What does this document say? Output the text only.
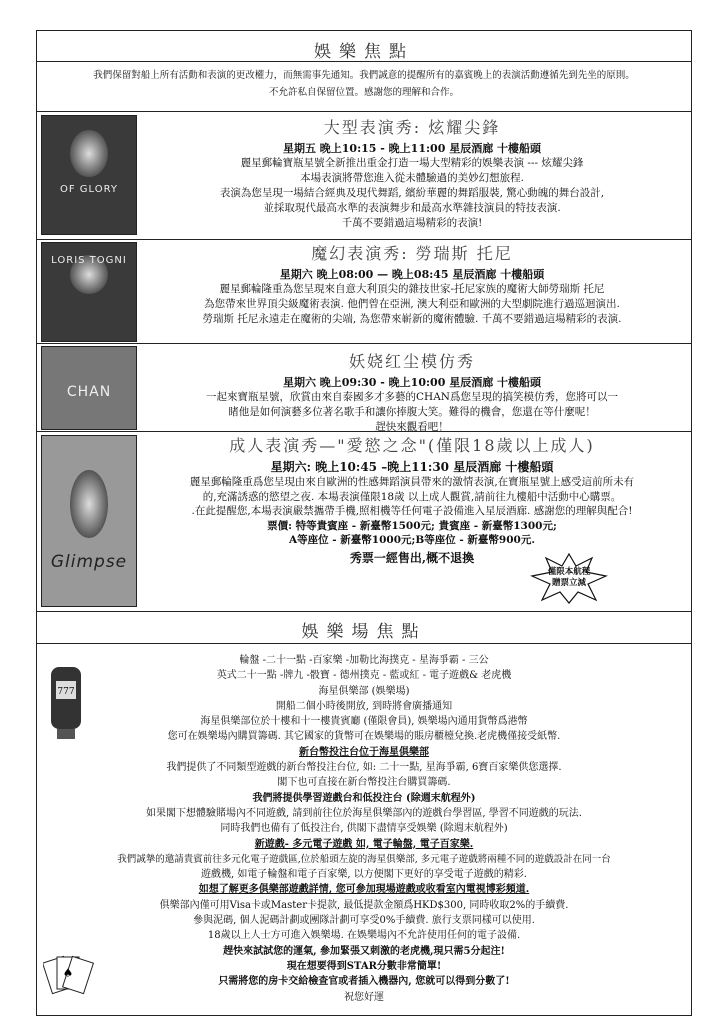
娛樂焦點
我們保留對船上所有活動和表演的更改權力，而無需事先通知。我們誠意的提醒所有的嘉賓晚上的表演活動遵循先到先坐的原則。
不允許私自保留位置。感謝您的理解和合作。
OF GLORY
大型表演秀: 炫耀尖鋒
星期五 晚上10:15 - 晚上11:00 星辰酒廊 十樓船頭
麗星郵輪寶瓶星號全新推出重金打造一場大型精彩的娛樂表演 --- 炫耀尖鋒
本場表演將帶您進入從未體驗過的美妙幻想旅程.
表演為您呈現一場結合經典及現代舞蹈, 繽紛華麗的舞蹈服裝, 驚心動魄的舞台設計,
並採取現代最高水準的表演舞步和最高水準雜技演員的特技表演.
千萬不要錯過這場精彩的表演!
LORIS TOGNI	魔幻表演秀: 勞瑞斯 托尼
星期六 晚上08:00 — 晚上08:45 星辰酒廊 十樓船頭
麗星郵輪隆重為您呈現來自意大利頂尖的雜技世家-托尼家族的魔術大師勞瑞斯 托尼
為您帶來世界頂尖級魔術表演. 他們曾在亞洲, 澳大利亞和歐洲的大型劇院進行過巡迴演出.
勞瑞斯 托尼永遠走在魔術的尖端, 為您帶來嶄新的魔術體驗. 千萬不要錯過這場精彩的表演.
CHAN
妖娆红尘模仿秀
星期六 晚上09:30 - 晚上10:00 星辰酒廊 十樓船頭
一起來寶瓶星號，欣賞由來自泰國多才多藝的CHAN爲您呈現的搞笑模仿秀，您將可以一
睹他是如何演藝多位著名歌手和讓你捧腹大笑。難得的機會，您還在等什麼呢！
趕快來觀看吧！
Glimpse
成人表演秀—"愛慾之念"(僅限18歲以上成人)
星期六: 晚上10:45 –晚上11:30 星辰酒廊 十樓船頭
麗星郵輪隆重爲您呈現由來自歐洲的性感舞蹈演員帶來的激情表演,在寶瓶星號上感受這前所未有
的,充滿誘惑的慾望之夜. 本場表演僅限18歲 以上成人觀賞,請前往九樓船中活動中心購票。
.在此提醒您,本場表演嚴禁攜帶手機,照相機等任何電子設備進入星辰酒廊. 感謝您的理解與配合!
票價: 特等貴賓座 - 新臺幣1500元; 貴賓座 - 新臺幣1300元;
A等座位 - 新臺幣1000元;B等座位 - 新臺幣900元.
秀票一經售出,概不退換
娛樂場焦點
777
♠
輪盤 -二十一點 -百家樂 -加勒比海撲克 - 星海爭霸 - 三公
英式二十一點 -牌九 -骰寶 - 德州撲克 - 藍或紅 - 電子遊戲& 老虎機
海星俱樂部 (娛樂場)
開船二個小時後開放, 到時將會廣播通知
海星俱樂部位於十樓和十一樓貴賓廳 (僅限會員), 娛樂場內通用貨幣爲港幣
您可在娛樂場內購買籌碼. 其它國家的貨幣可在娛樂場的賬房櫃檯兌換.老虎機僅接受紙幣.
新台幣投注台位于海星俱樂部
我們提供了不同類型遊戲的新台幣投注台位, 如: 二十一點, 星海爭霸, 6寶百家樂供您選擇.
閣下也可直接在新台幣投注台購買籌碼.
我們將提供學習遊戲台和低投注台 (除週末航程外)
如果閣下想體驗賭場內不同遊戲, 請到前往位於海星俱樂部內的遊戲台學習區, 學習不同遊戲的玩法.
同時我們也備有了低投注台, 供閣下盡情享受娛樂 (除週末航程外)
新遊戲- 多元電子遊戲 如, 電子輪盤, 電子百家樂.
我們誠摯的邀請貴賓前往多元化電子遊戲區,位於船頭左旋的海星俱樂部, 多元電子遊戲將兩種不同的遊戲設計在同一台
遊戲機, 如電子輪盤和電子百家樂, 以方便閣下更好的享受電子遊戲的精彩.
如想了解更多俱樂部遊戲詳情, 您可參加現場遊戲或收看室內電視博彩頻道.
俱樂部內僅可用Visa卡或Master卡提款, 最低提款金額爲HKD$300, 同時收取2%的手續費.
參與泥碼, 個人泥碼計劃或團隊計劃可享受0%手續費. 旅行支票同樣可以使用.
18歲以上人士方可進入娛樂場. 在娛樂場內不允許使用任何的電子設備.
趕快來試試您的運氣, 參加緊張又刺激的老虎機,現只需5分起注!
現在想要得到STAR分數非常簡單!
只需將您的房卡交給檢查官或者插入機器內, 您就可以得到分數了!
祝您好運
僅限本航程
贈票立減
